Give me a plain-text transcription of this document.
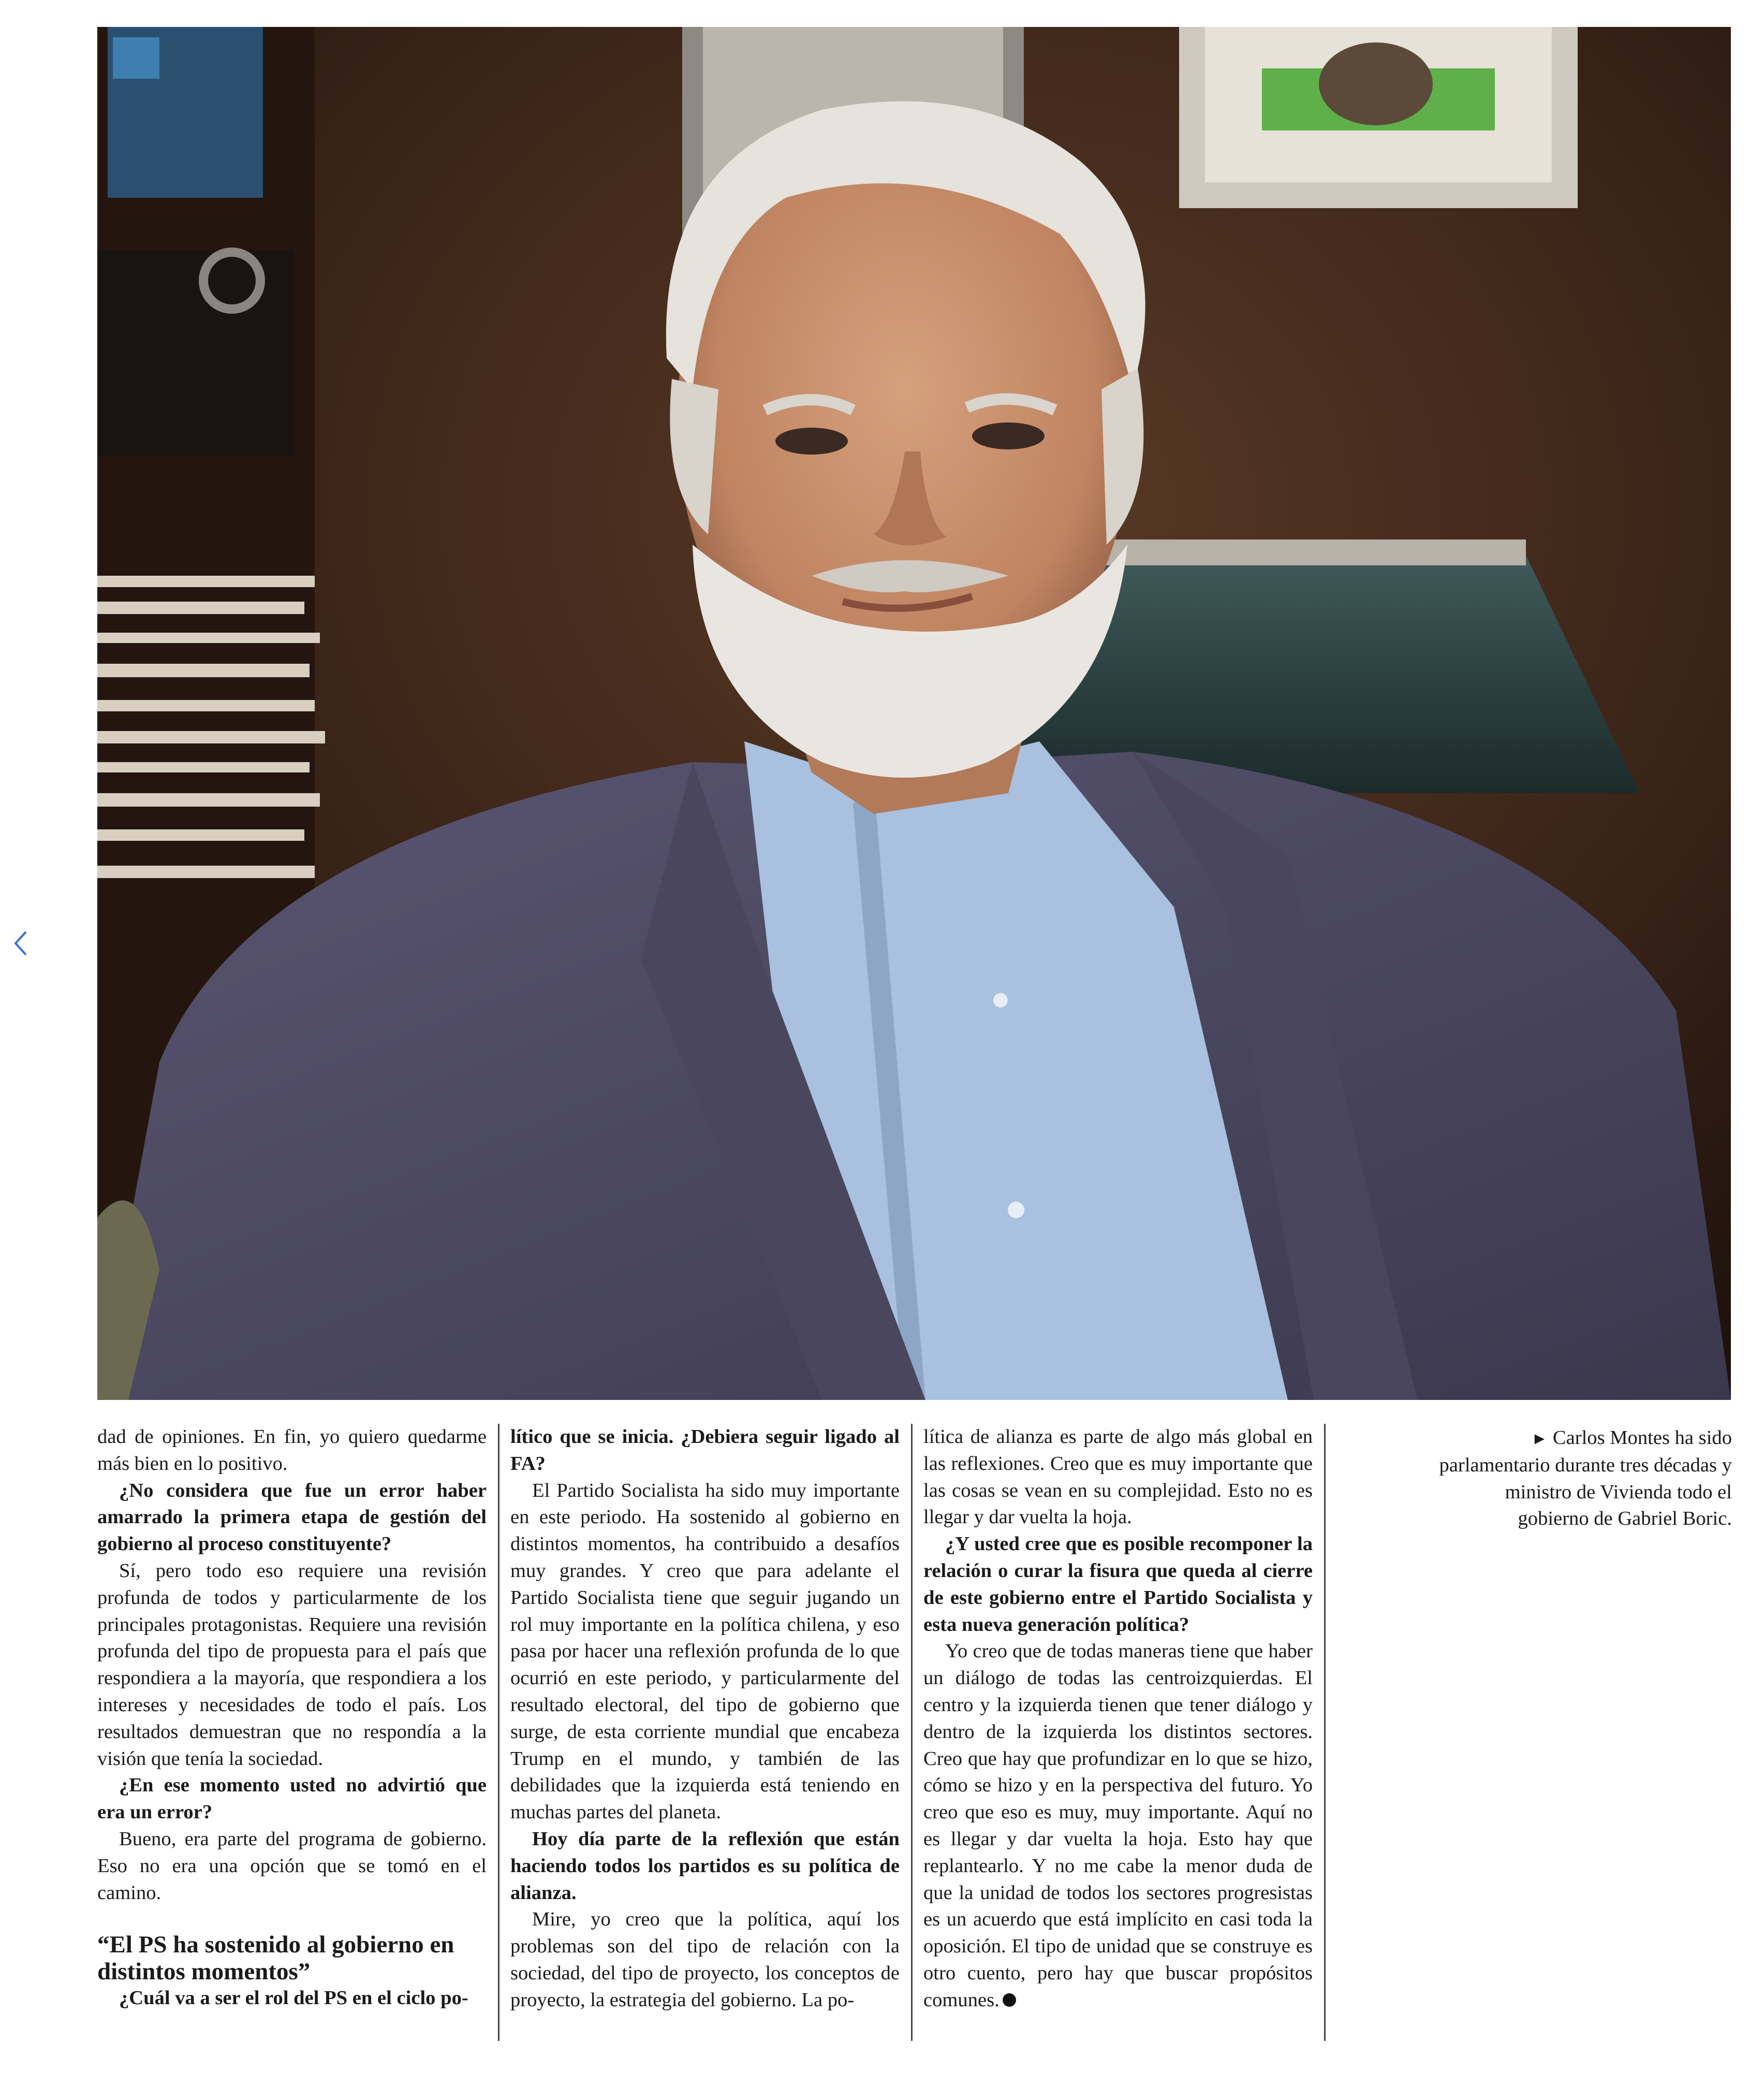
dad de opiniones. En fin, yo quiero quedarme más bien en lo positivo.

¿No considera que fue un error haber amarrado la primera etapa de gestión del gobierno al proceso constituyente?

Sí, pero todo eso requiere una revisión profunda de todos y particularmente de los principales protagonistas. Requiere una revisión profunda del tipo de propuesta para el país que respondiera a la mayoría, que respondiera a los intereses y necesidades de todo el país. Los resultados demuestran que no respondía a la visión que tenía la sociedad.

¿En ese momento usted no advirtió que era un error?

Bueno, era parte del programa de gobierno. Eso no era una opción que se tomó en el camino.

“El PS ha sostenido al gobierno en distintos momentos”

¿Cuál va a ser el rol del PS en el ciclo po-

lítico que se inicia. ¿Debiera seguir ligado al FA?

El Partido Socialista ha sido muy importante en este periodo. Ha sostenido al gobierno en distintos momentos, ha contribuido a desafíos muy grandes. Y creo que para adelante el Partido Socialista tiene que seguir jugando un rol muy importante en la política chilena, y eso pasa por hacer una reflexión profunda de lo que ocurrió en este periodo, y particularmente del resultado electoral, del tipo de gobierno que surge, de esta corriente mundial que encabeza Trump en el mundo, y también de las debilidades que la izquierda está teniendo en muchas partes del planeta.

Hoy día parte de la reflexión que están haciendo todos los partidos es su política de alianza.

Mire, yo creo que la política, aquí los problemas son del tipo de relación con la sociedad, del tipo de proyecto, los conceptos de proyecto, la estrategia del gobierno. La po-

lítica de alianza es parte de algo más global en las reflexiones. Creo que es muy importante que las cosas se vean en su complejidad. Esto no es llegar y dar vuelta la hoja.

¿Y usted cree que es posible recomponer la relación o curar la fisura que queda al cierre de este gobierno entre el Partido Socialista y esta nueva generación política?

Yo creo que de todas maneras tiene que haber un diálogo de todas las centroizquierdas. El centro y la izquierda tienen que tener diálogo y dentro de la izquierda los distintos sectores. Creo que hay que profundizar en lo que se hizo, cómo se hizo y en la perspectiva del futuro. Yo creo que eso es muy, muy importante. Aquí no es llegar y dar vuelta la hoja. Esto hay que replantearlo. Y no me cabe la menor duda de que la unidad de todos los sectores progresistas es un acuerdo que está implícito en casi toda la oposición. El tipo de unidad que se construye es otro cuento, pero hay que buscar propósitos comunes.

► Carlos Montes ha sido parlamentario durante tres décadas y ministro de Vivienda todo el gobierno de Gabriel Boric.
